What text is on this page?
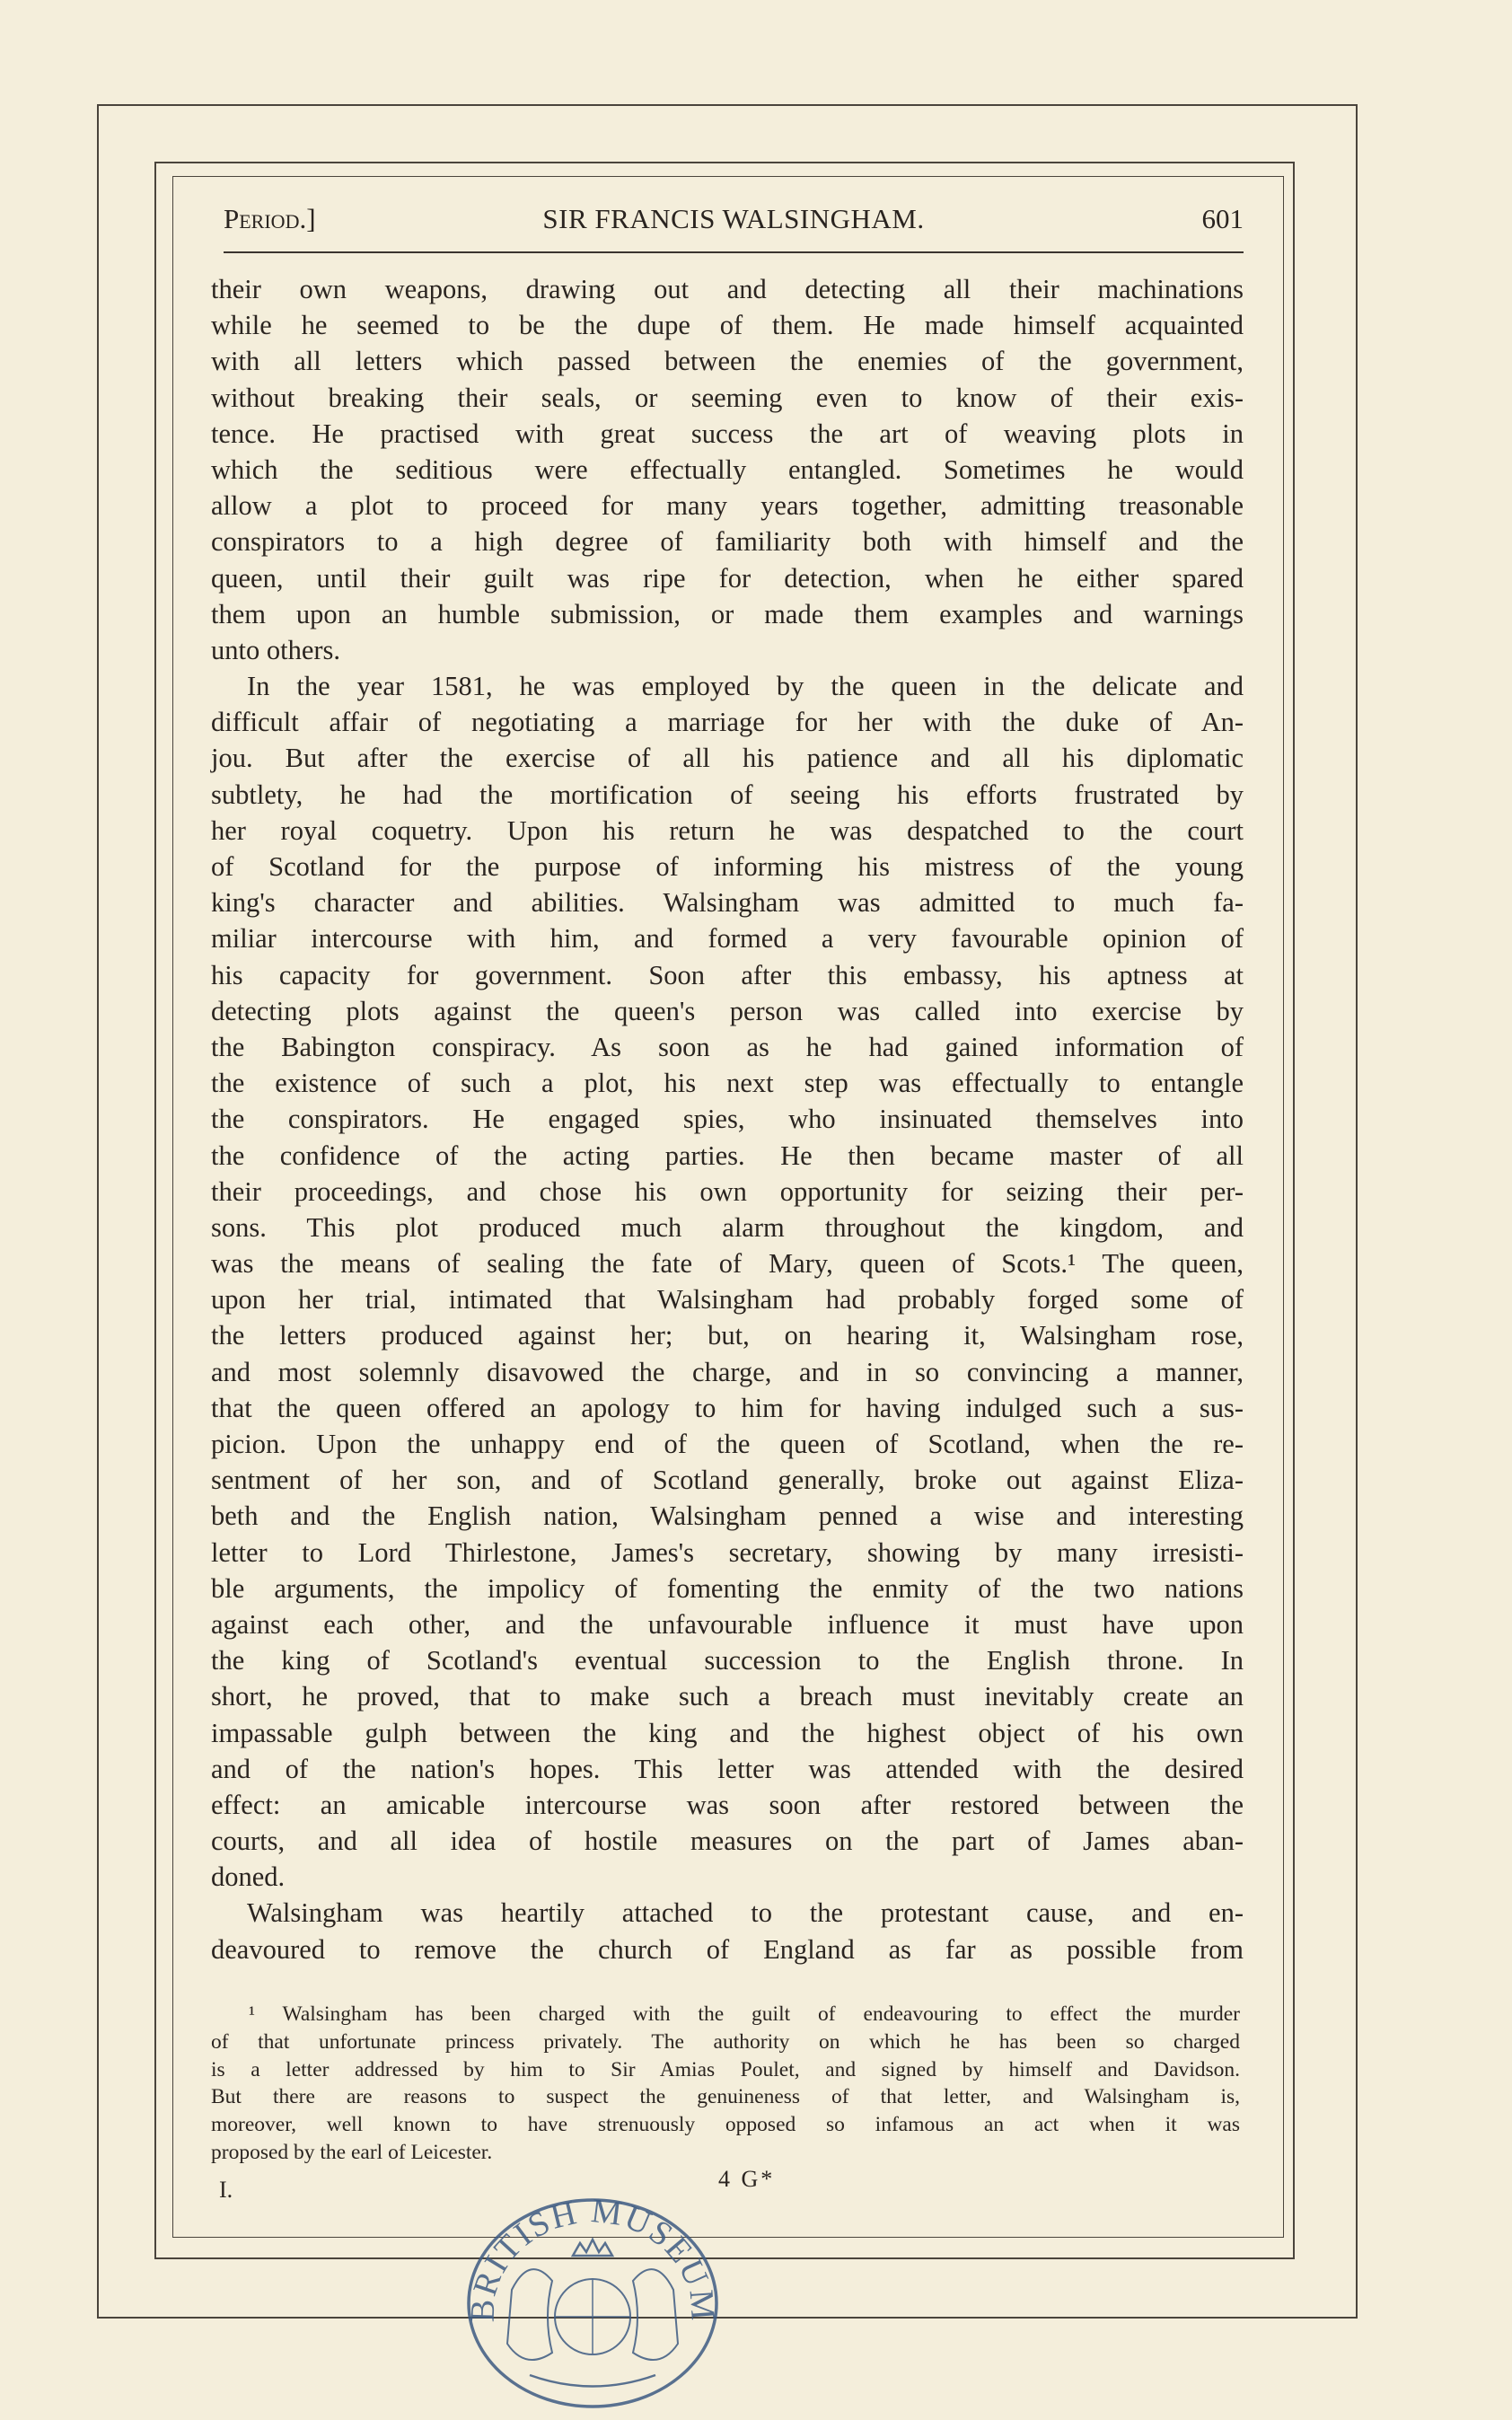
Period.]	SIR FRANCIS WALSINGHAM.	601
their own weapons, drawing out and detecting all their machinations
while he seemed to be the dupe of them. He made himself acquainted
with all letters which passed between the enemies of the government,
without breaking their seals, or seeming even to know of their exis-
tence. He practised with great success the art of weaving plots in
which the seditious were effectually entangled. Sometimes he would
allow a plot to proceed for many years together, admitting treasonable
conspirators to a high degree of familiarity both with himself and the
queen, until their guilt was ripe for detection, when he either spared
them upon an humble submission, or made them examples and warnings
unto others.
In the year 1581, he was employed by the queen in the delicate and
difficult affair of negotiating a marriage for her with the duke of An-
jou. But after the exercise of all his patience and all his diplomatic
subtlety, he had the mortification of seeing his efforts frustrated by
her royal coquetry. Upon his return he was despatched to the court
of Scotland for the purpose of informing his mistress of the young
king's character and abilities. Walsingham was admitted to much fa-
miliar intercourse with him, and formed a very favourable opinion of
his capacity for government. Soon after this embassy, his aptness at
detecting plots against the queen's person was called into exercise by
the Babington conspiracy. As soon as he had gained information of
the existence of such a plot, his next step was effectually to entangle
the conspirators. He engaged spies, who insinuated themselves into
the confidence of the acting parties. He then became master of all
their proceedings, and chose his own opportunity for seizing their per-
sons. This plot produced much alarm throughout the kingdom, and
was the means of sealing the fate of Mary, queen of Scots.¹ The queen,
upon her trial, intimated that Walsingham had probably forged some of
the letters produced against her; but, on hearing it, Walsingham rose,
and most solemnly disavowed the charge, and in so convincing a manner,
that the queen offered an apology to him for having indulged such a sus-
picion. Upon the unhappy end of the queen of Scotland, when the re-
sentment of her son, and of Scotland generally, broke out against Eliza-
beth and the English nation, Walsingham penned a wise and interesting
letter to Lord Thirlestone, James's secretary, showing by many irresisti-
ble arguments, the impolicy of fomenting the enmity of the two nations
against each other, and the unfavourable influence it must have upon
the king of Scotland's eventual succession to the English throne. In
short, he proved, that to make such a breach must inevitably create an
impassable gulph between the king and the highest object of his own
and of the nation's hopes. This letter was attended with the desired
effect: an amicable intercourse was soon after restored between the
courts, and all idea of hostile measures on the part of James aban-
doned.
Walsingham was heartily attached to the protestant cause, and en-
deavoured to remove the church of England as far as possible from
¹ Walsingham has been charged with the guilt of endeavouring to effect the murder
of that unfortunate princess privately. The authority on which he has been so charged
is a letter addressed by him to Sir Amias Poulet, and signed by himself and Davidson.
But there are reasons to suspect the genuineness of that letter, and Walsingham is,
moreover, well known to have strenuously opposed so infamous an act when it was
proposed by the earl of Leicester.
I.	4 G*
BRITISH MUSEUM
